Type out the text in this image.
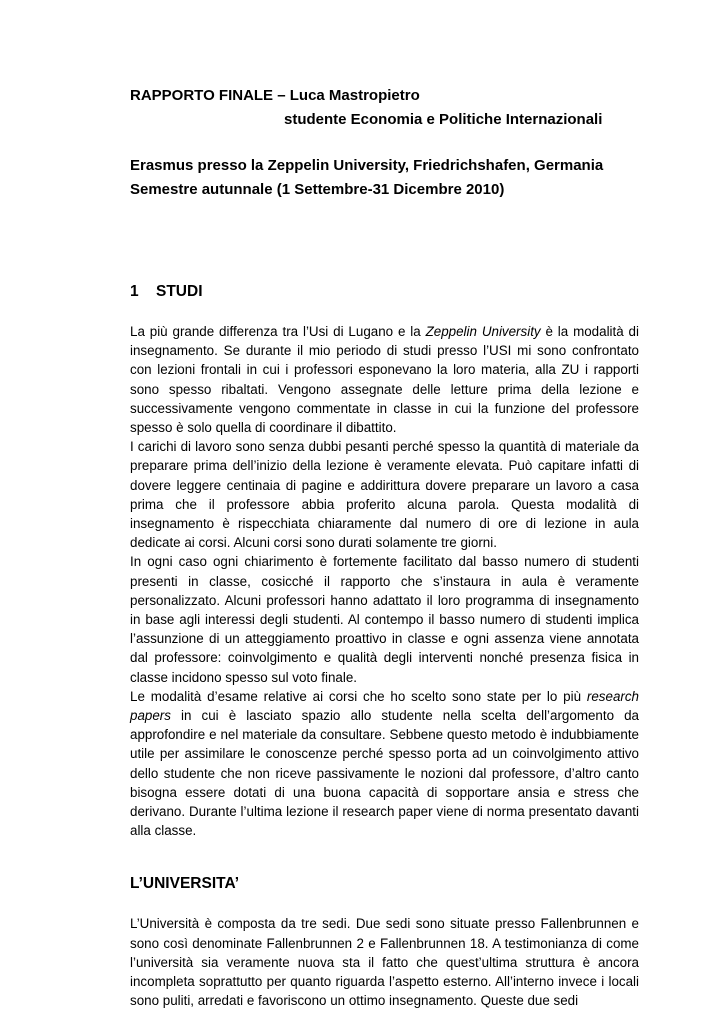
RAPPORTO FINALE – Luca Mastropietro
studente Economia e Politiche Internazionali
Erasmus presso la Zeppelin University, Friedrichshafen, Germania
Semestre autunnale (1 Settembre-31 Dicembre 2010)
1 STUDI

La più grande differenza tra l’Usi di Lugano e la Zeppelin University è la modalità di insegnamento. Se durante il mio periodo di studi presso l’USI mi sono confrontato con lezioni frontali in cui i professori esponevano la loro materia, alla ZU i rapporti sono spesso ribaltati. Vengono assegnate delle letture prima della lezione e successivamente vengono commentate in classe in cui la funzione del professore spesso è solo quella di coordinare il dibattito.

I carichi di lavoro sono senza dubbi pesanti perché spesso la quantità di materiale da preparare prima dell’inizio della lezione è veramente elevata. Può capitare infatti di dovere leggere centinaia di pagine e addirittura dovere preparare un lavoro a casa prima che il professore abbia proferito alcuna parola. Questa modalità di insegnamento è rispecchiata chiaramente dal numero di ore di lezione in aula dedicate ai corsi. Alcuni corsi sono durati solamente tre giorni.

In ogni caso ogni chiarimento è fortemente facilitato dal basso numero di studenti presenti in classe, cosicché il rapporto che s’instaura in aula è veramente personalizzato. Alcuni professori hanno adattato il loro programma di insegnamento in base agli interessi degli studenti. Al contempo il basso numero di studenti implica l’assunzione di un atteggiamento proattivo in classe e ogni assenza viene annotata dal professore: coinvolgimento e qualità degli interventi nonché presenza fisica in classe incidono spesso sul voto finale.

Le modalità d’esame relative ai corsi che ho scelto sono state per lo più research papers in cui è lasciato spazio allo studente nella scelta dell’argomento da approfondire e nel materiale da consultare. Sebbene questo metodo è indubbiamente utile per assimilare le conoscenze perché spesso porta ad un coinvolgimento attivo dello studente che non riceve passivamente le nozioni dal professore, d’altro canto bisogna essere dotati di una buona capacità di sopportare ansia e stress che derivano. Durante l’ultima lezione il research paper viene di norma presentato davanti alla classe.

L’UNIVERSITA’

L’Università è composta da tre sedi. Due sedi sono situate presso Fallenbrunnen e sono così denominate Fallenbrunnen 2 e Fallenbrunnen 18. A testimonianza di come l’università sia veramente nuova sta il fatto che quest’ultima struttura è ancora incompleta soprattutto per quanto riguarda l’aspetto esterno. All’interno invece i locali sono puliti, arredati e favoriscono un ottimo insegnamento. Queste due sedi
